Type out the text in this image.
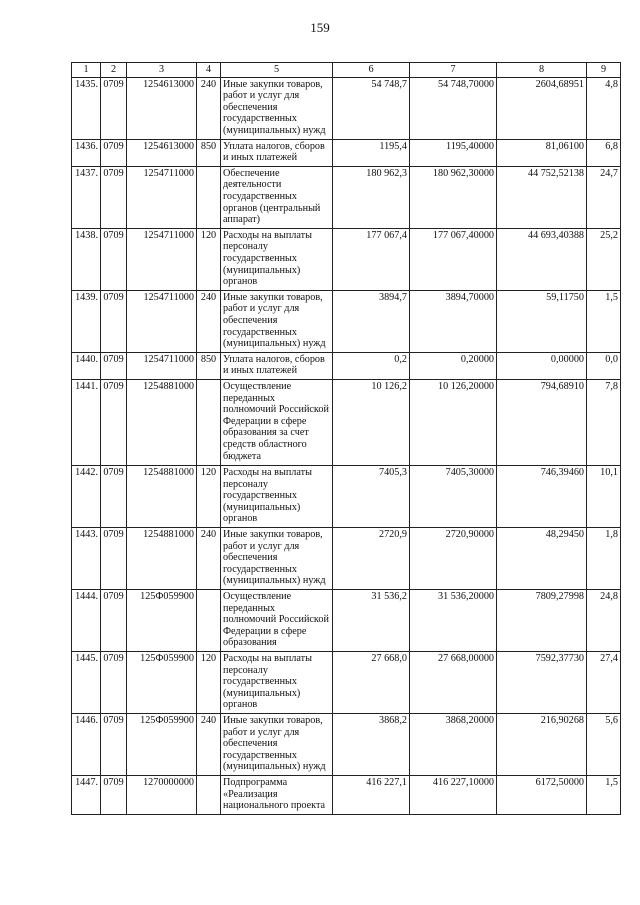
159
1	2	3	4	5	6	7	8	9
1435.	0709	1254613000	240	Иные закупки товаров, работ и услуг для обеспечения государственных (муниципальных) нужд	54 748,7	54 748,70000	2604,68951	4,8
1436.	0709	1254613000	850	Уплата налогов, сборов и иных платежей	1195,4	1195,40000	81,06100	6,8
1437.	0709	1254711000		Обеспечение деятельности государственных органов (центральный аппарат)	180 962,3	180 962,30000	44 752,52138	24,7
1438.	0709	1254711000	120	Расходы на выплаты персоналу государственных (муниципальных) органов	177 067,4	177 067,40000	44 693,40388	25,2
1439.	0709	1254711000	240	Иные закупки товаров, работ и услуг для обеспечения государственных (муниципальных) нужд	3894,7	3894,70000	59,11750	1,5
1440.	0709	1254711000	850	Уплата налогов, сборов и иных платежей	0,2	0,20000	0,00000	0,0
1441.	0709	1254881000		Осуществление переданных полномочий Российской Федерации в сфере образования за счет средств областного бюджета	10 126,2	10 126,20000	794,68910	7,8
1442.	0709	1254881000	120	Расходы на выплаты персоналу государственных (муниципальных) органов	7405,3	7405,30000	746,39460	10,1
1443.	0709	1254881000	240	Иные закупки товаров, работ и услуг для обеспечения государственных (муниципальных) нужд	2720,9	2720,90000	48,29450	1,8
1444.	0709	125Ф059900		Осуществление переданных полномочий Российской Федерации в сфере образования	31 536,2	31 536,20000	7809,27998	24,8
1445.	0709	125Ф059900	120	Расходы на выплаты персоналу государственных (муниципальных) органов	27 668,0	27 668,00000	7592,37730	27,4
1446.	0709	125Ф059900	240	Иные закупки товаров, работ и услуг для обеспечения государственных (муниципальных) нужд	3868,2	3868,20000	216,90268	5,6
1447.	0709	1270000000		Подпрограмма «Реализация национального проекта	416 227,1	416 227,10000	6172,50000	1,5
